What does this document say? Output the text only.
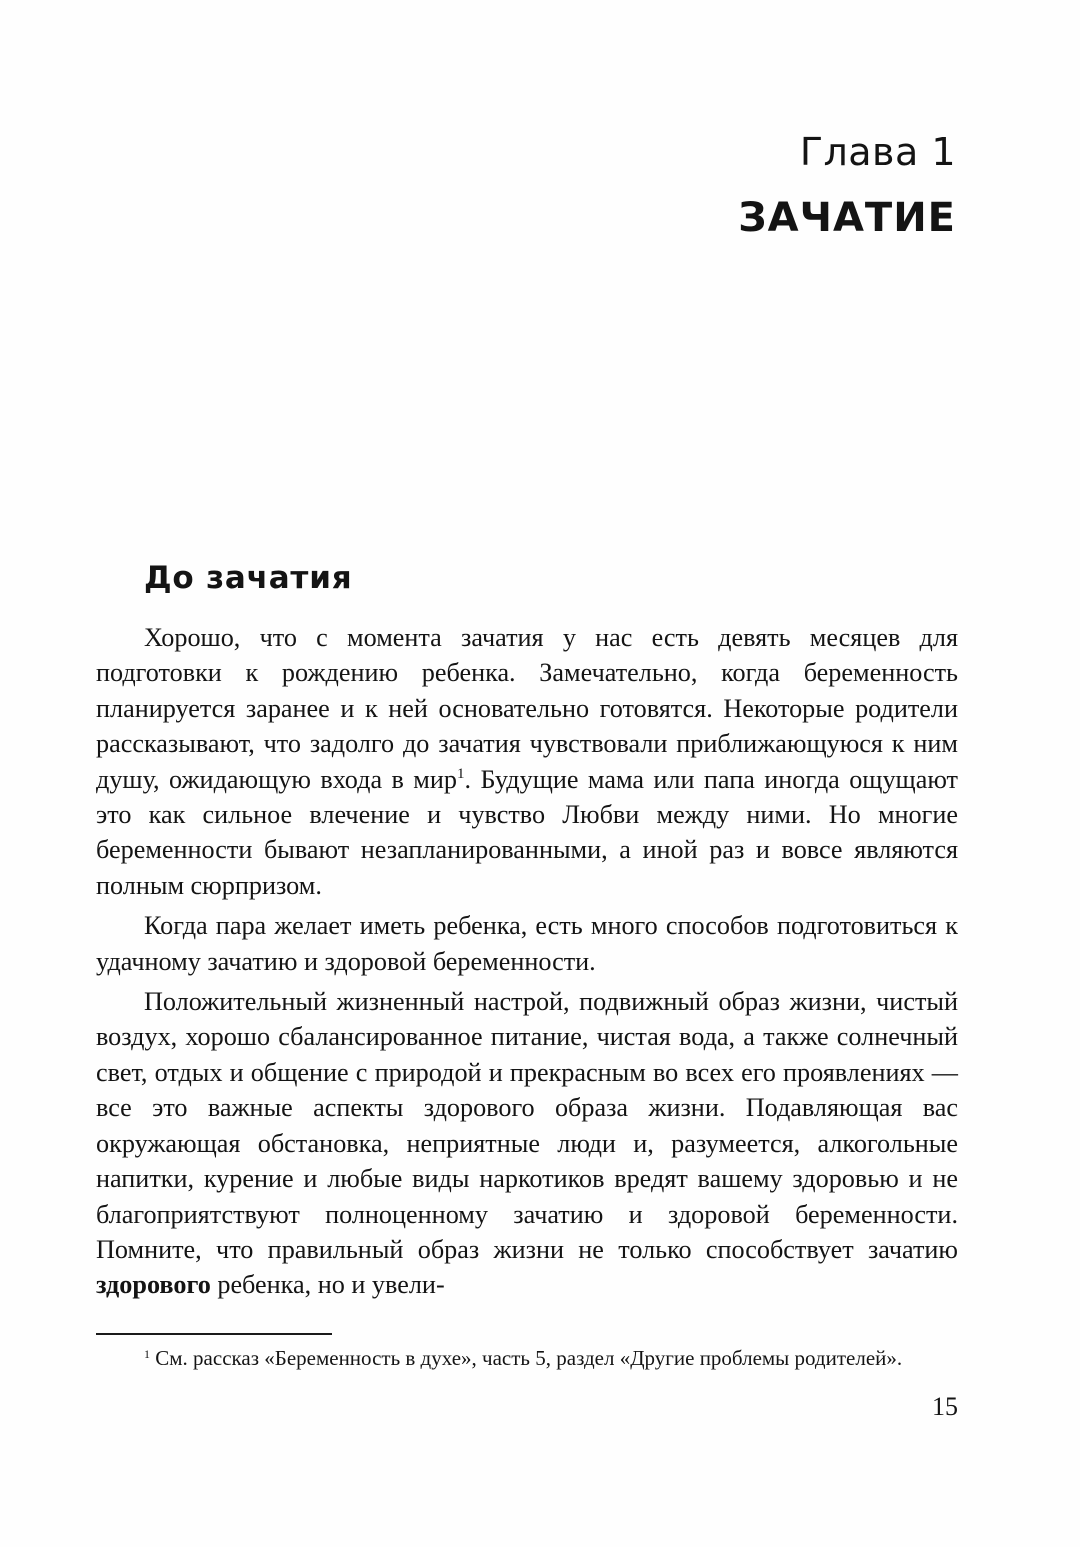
Глава 1
ЗАЧАТИЕ
До зачатия

Хорошо, что с момента зачатия у нас есть девять месяцев для подготовки к рождению ребенка. Замечательно, когда беременность планируется заранее и к ней основательно готовятся. Некоторые родители рассказывают, что задолго до зачатия чувствовали приближающуюся к ним душу, ожидающую входа в мир$^1$. Будущие мама или папа иногда ощущают это как сильное влечение и чувство Любви между ними. Но многие беременности бывают незапланированными, а иной раз и вовсе являются полным сюрпризом.

Когда пара желает иметь ребенка, есть много способов подготовиться к удачному зачатию и здоровой беременности.

Положительный жизненный настрой, подвижный образ жизни, чистый воздух, хорошо сбалансированное питание, чистая вода, а также солнечный свет, отдых и общение с природой и прекрасным во всех его проявлениях — все это важные аспекты здорового образа жизни. Подавляющая вас окружающая обстановка, неприятные люди и, разумеется, алкогольные напитки, курение и любые виды наркотиков вредят вашему здоровью и не благоприятствуют полноценному зачатию и здоровой беременности. Помните, что правильный образ жизни не только способствует зачатию здорового ребенка, но и увели-

$^1$ См. рассказ «Беременность в духе», часть 5, раздел «Другие проблемы родителей».
15
